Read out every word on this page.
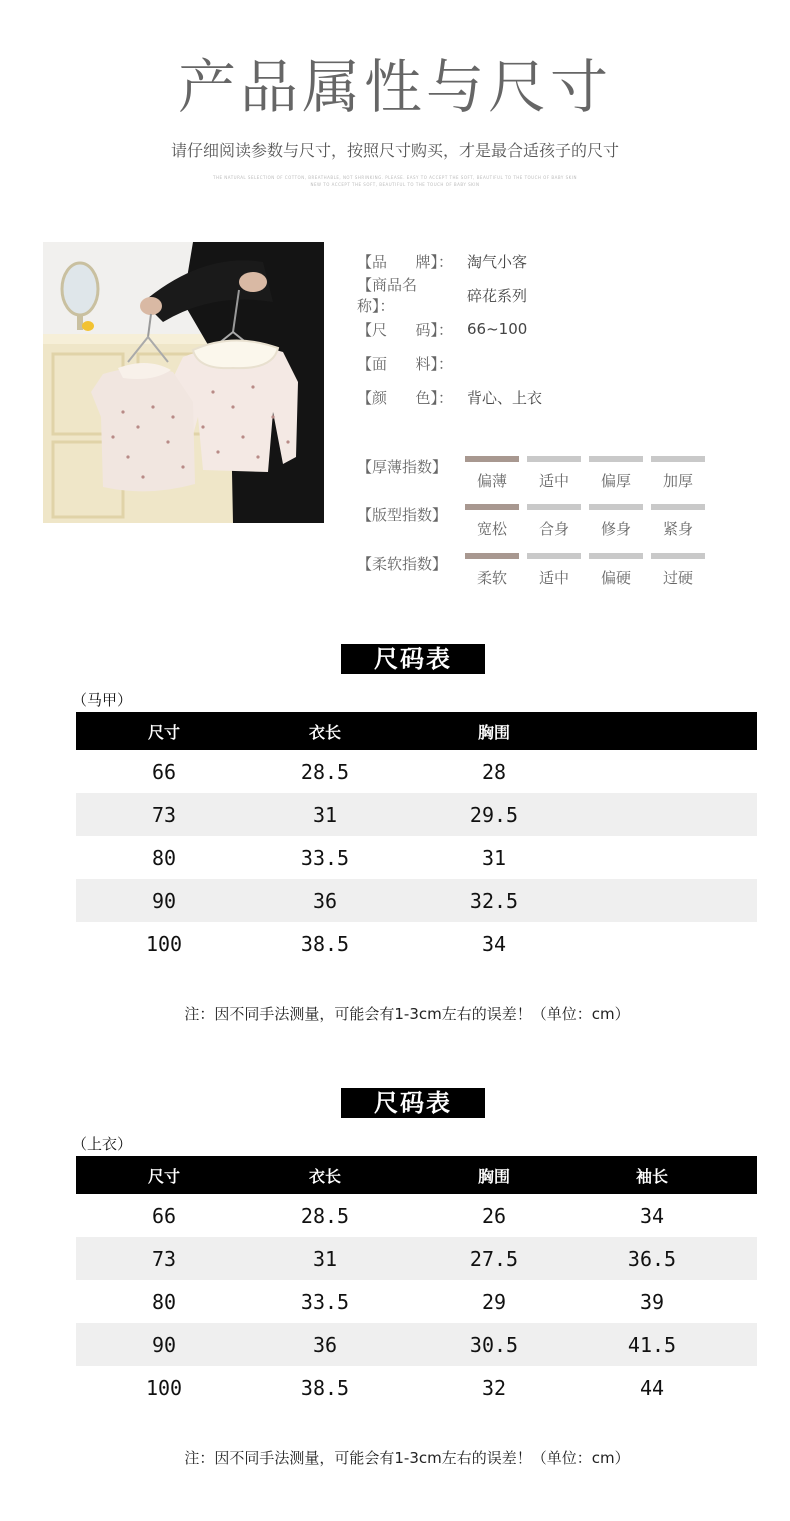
产品属性与尺寸
请仔细阅读参数与尺寸，按照尺寸购买，才是最合适孩子的尺寸
THE NATURAL SELECTION OF COTTON, BREATHABLE, NOT SHRINKING. PLEASE. EASY TO ACCEPT THE SOFT, BEAUTIFUL TO THE TOUCH OF BABY SKIN
NEW TO ACCEPT THE SOFT, BEAUTIFUL TO THE TOUCH OF BABY SKIN
【品 牌】： 淘气小客
【商品名称】：
碎花系列
【尺 码】： 66~100
【面 料】：
【颜 色】： 背心、上衣
【厚薄指数】
偏薄	适中	偏厚	加厚
【版型指数】
宽松	合身	修身	紧身
【柔软指数】
柔软	适中	偏硬	过硬
尺码表
（马甲）
尺寸	衣长	胸围
66	28.5	28
73	31	29.5
80	33.5	31
90	36	32.5
100	38.5	34
注：因不同手法测量，可能会有1-3cm左右的误差！（单位：cm）
尺码表
（上衣）
尺寸	衣长	胸围	袖长
66	28.5	26	34
73	31	27.5	36.5
80	33.5	29	39
90	36	30.5	41.5
100	38.5	32	44
注：因不同手法测量，可能会有1-3cm左右的误差！（单位：cm）
